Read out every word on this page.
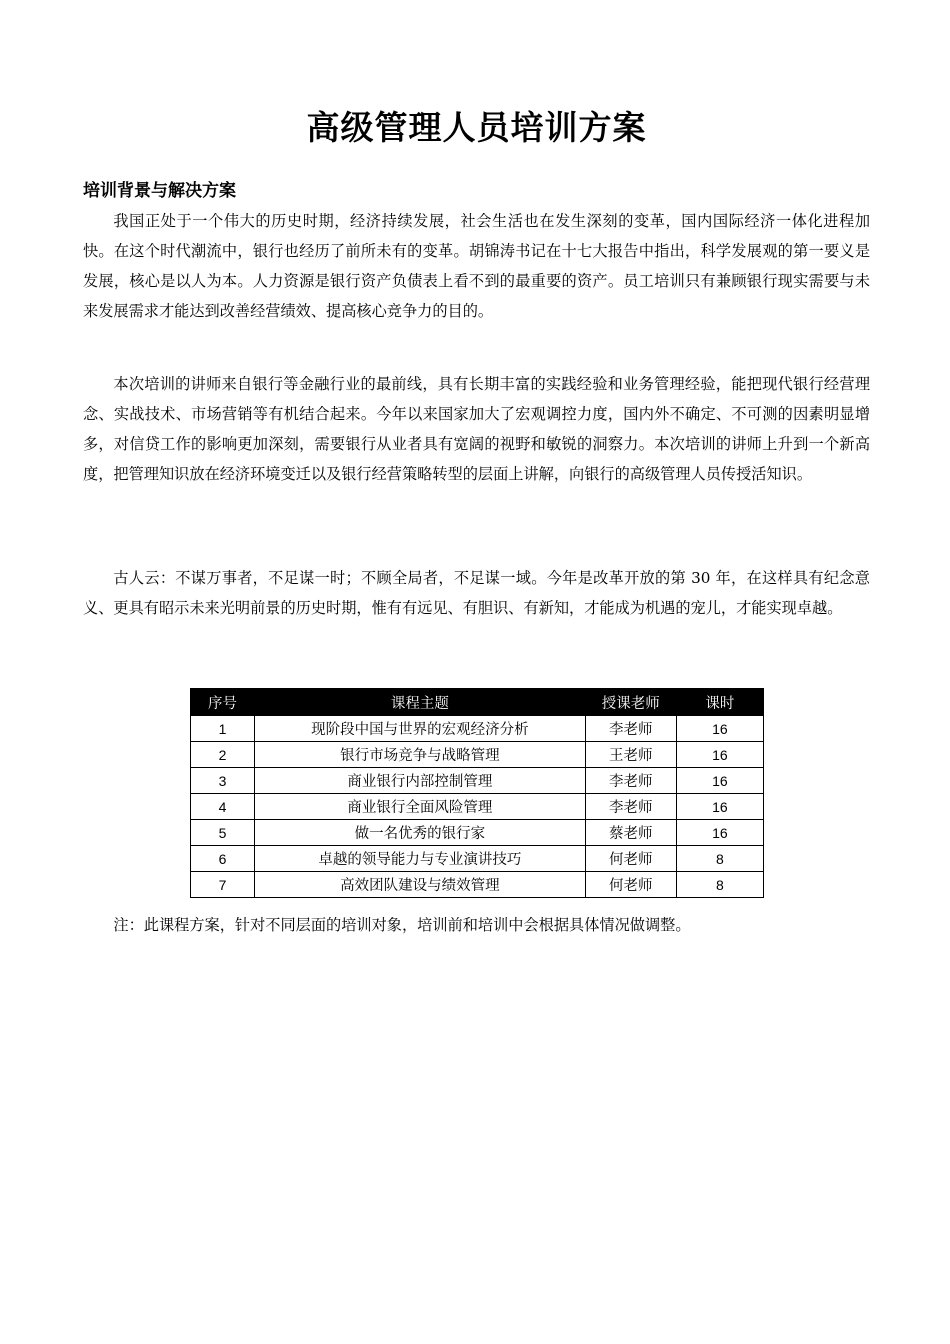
高级管理人员培训方案
培训背景与解决方案

我国正处于一个伟大的历史时期，经济持续发展，社会生活也在发生深刻的变革，国内国际经济一体化进程加快。在这个时代潮流中，银行也经历了前所未有的变革。胡锦涛书记在十七大报告中指出，科学发展观的第一要义是发展，核心是以人为本。人力资源是银行资产负债表上看不到的最重要的资产。员工培训只有兼顾银行现实需要与未来发展需求才能达到改善经营绩效、提高核心竞争力的目的。

本次培训的讲师来自银行等金融行业的最前线，具有长期丰富的实践经验和业务管理经验，能把现代银行经营理念、实战技术、市场营销等有机结合起来。今年以来国家加大了宏观调控力度，国内外不确定、不可测的因素明显增多，对信贷工作的影响更加深刻，需要银行从业者具有宽阔的视野和敏锐的洞察力。本次培训的讲师上升到一个新高度，把管理知识放在经济环境变迁以及银行经营策略转型的层面上讲解，向银行的高级管理人员传授活知识。

古人云：不谋万事者，不足谋一时；不顾全局者，不足谋一域。今年是改革开放的第 30 年，在这样具有纪念意义、更具有昭示未来光明前景的历史时期，惟有有远见、有胆识、有新知，才能成为机遇的宠儿，才能实现卓越。

序号	课程主题	授课老师	课时
1	现阶段中国与世界的宏观经济分析	李老师	16
2	银行市场竞争与战略管理	王老师	16
3	商业银行内部控制管理	李老师	16
4	商业银行全面风险管理	李老师	16
5	做一名优秀的银行家	蔡老师	16
6	卓越的领导能力与专业演讲技巧	何老师	8
7	高效团队建设与绩效管理	何老师	8

注：此课程方案，针对不同层面的培训对象，培训前和培训中会根据具体情况做调整。
